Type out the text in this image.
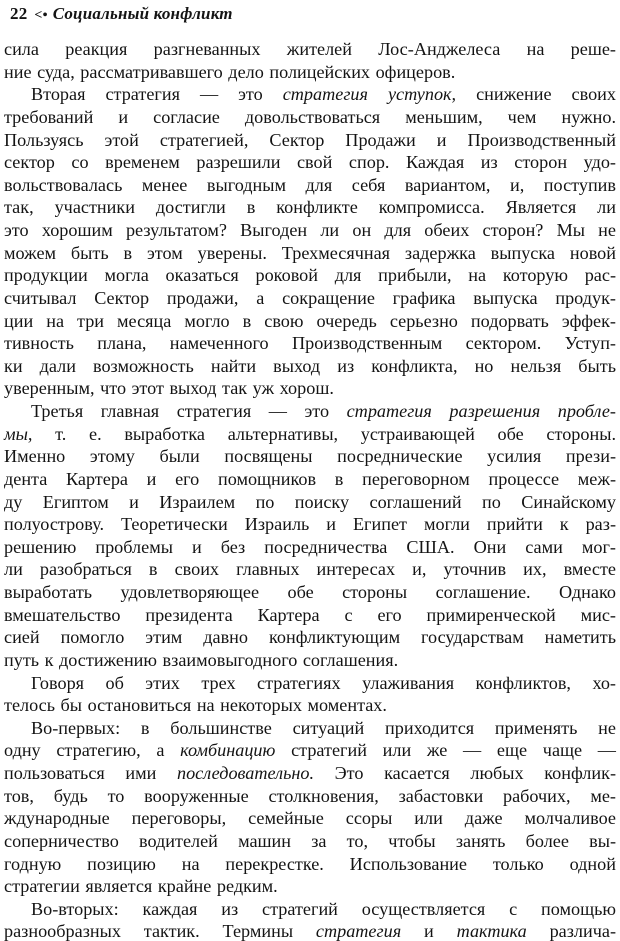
22 <• Социальный конфликт
сила реакция разгневанных жителей Лос-Анджелеса на реше-
ние суда, рассматривавшего дело полицейских офицеров.
Вторая стратегия — это стратегия уступок, снижение своих
требований и согласие довольствоваться меньшим, чем нужно.
Пользуясь этой стратегией, Сектор Продажи и Производственный
сектор со временем разрешили свой спор. Каждая из сторон удо-
вольствовалась менее выгодным для себя вариантом, и, поступив
так, участники достигли в конфликте компромисса. Является ли
это хорошим результатом? Выгоден ли он для обеих сторон? Мы не
можем быть в этом уверены. Трехмесячная задержка выпуска новой
продукции могла оказаться роковой для прибыли, на которую рас-
считывал Сектор продажи, а сокращение графика выпуска продук-
ции на три месяца могло в свою очередь серьезно подорвать эффек-
тивность плана, намеченного Производственным сектором. Уступ-
ки дали возможность найти выход из конфликта, но нельзя быть
уверенным, что этот выход так уж хорош.
Третья главная стратегия — это стратегия разрешения пробле-
мы, т. е. выработка альтернативы, устраивающей обе стороны.
Именно этому были посвящены посреднические усилия прези-
дента Картера и его помощников в переговорном процессе меж-
ду Египтом и Израилем по поиску соглашений по Синайскому
полуострову. Теоретически Израиль и Египет могли прийти к раз-
решению проблемы и без посредничества США. Они сами мог-
ли разобраться в своих главных интересах и, уточнив их, вместе
выработать удовлетворяющее обе стороны соглашение. Однако
вмешательство президента Картера с его примиренческой мис-
сией помогло этим давно конфликтующим государствам наметить
путь к достижению взаимовыгодного соглашения.
Говоря об этих трех стратегиях улаживания конфликтов, хо-
телось бы остановиться на некоторых моментах.
Во-первых: в большинстве ситуаций приходится применять не
одну стратегию, а комбинацию стратегий или же — еще чаще —
пользоваться ими последовательно. Это касается любых конфлик-
тов, будь то вооруженные столкновения, забастовки рабочих, ме-
ждународные переговоры, семейные ссоры или даже молчаливое
соперничество водителей машин за то, чтобы занять более вы-
годную позицию на перекрестке. Использование только одной
стратегии является крайне редким.
Во-вторых: каждая из стратегий осуществляется с помощью
разнообразных тактик. Термины стратегия и тактика различа-
